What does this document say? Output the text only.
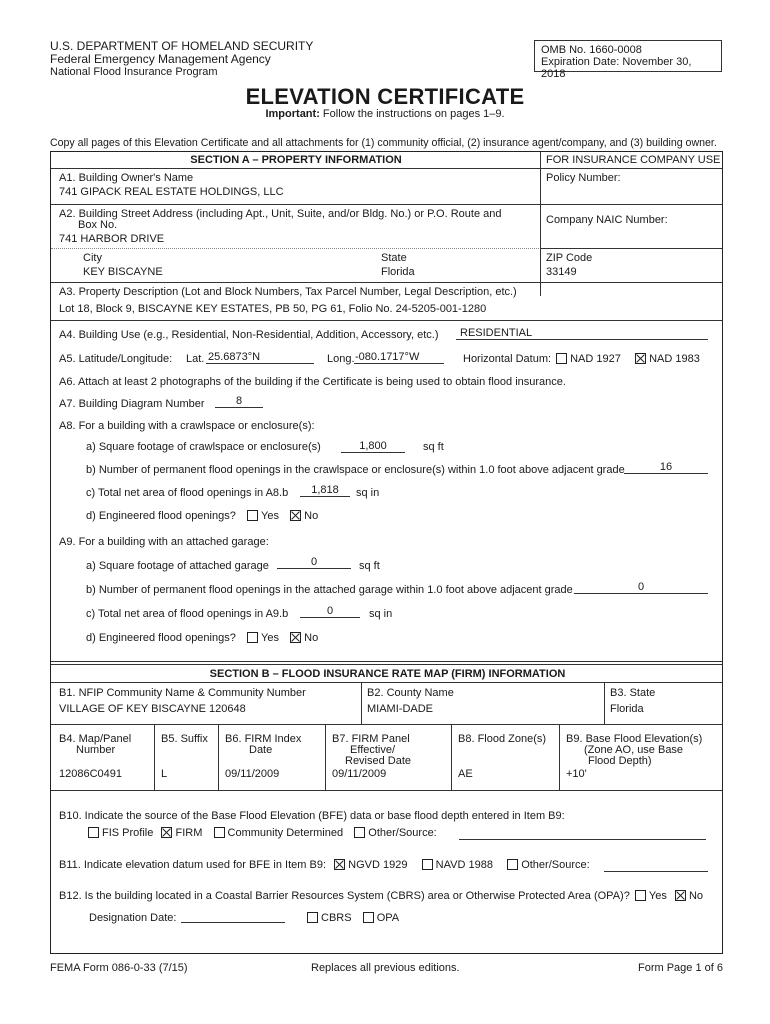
U.S. DEPARTMENT OF HOMELAND SECURITY
Federal Emergency Management Agency
National Flood Insurance Program
OMB No. 1660-0008
Expiration Date: November 30, 2018
ELEVATION CERTIFICATE
Important: Follow the instructions on pages 1–9.
Copy all pages of this Elevation Certificate and all attachments for (1) community official, (2) insurance agent/company, and (3) building owner.
SECTION A – PROPERTY INFORMATION	FOR INSURANCE COMPANY USE
A1. Building Owner's Name
741 GIPACK REAL ESTATE HOLDINGS, LLC
Policy Number:
A2. Building Street Address (including Apt., Unit, Suite, and/or Bldg. No.) or P.O. Route and
Box No.
741 HARBOR DRIVE
Company NAIC Number:
City
KEY BISCAYNE
State
Florida
ZIP Code
33149
A3. Property Description (Lot and Block Numbers, Tax Parcel Number, Legal Description, etc.)
Lot 18, Block 9, BISCAYNE KEY ESTATES, PB 50, PG 61, Folio No. 24-5205-001-1280
A4. Building Use (e.g., Residential, Non-Residential, Addition, Accessory, etc.)	RESIDENTIAL
A5. Latitude/Longitude: Lat. 25.6873°N	Long. -080.1717°W	Horizontal Datum: NAD 1927	NAD 1983
A6. Attach at least 2 photographs of the building if the Certificate is being used to obtain flood insurance.
A7. Building Diagram Number	8
A8. For a building with a crawlspace or enclosure(s):
a) Square footage of crawlspace or enclosure(s)	1,800	sq ft
b) Number of permanent flood openings in the crawlspace or enclosure(s) within 1.0 foot above adjacent grade	16
c) Total net area of flood openings in A8.b	1,818	sq in
d) Engineered flood openings? Yes No
A9. For a building with an attached garage:
a) Square footage of attached garage	0	sq ft
b) Number of permanent flood openings in the attached garage within 1.0 foot above adjacent grade	0
c) Total net area of flood openings in A9.b	0	sq in
d) Engineered flood openings? Yes No
SECTION B – FLOOD INSURANCE RATE MAP (FIRM) INFORMATION
B1. NFIP Community Name & Community Number
VILLAGE OF KEY BISCAYNE 120648
B2. County Name
MIAMI-DADE
B3. State
Florida
B4. Map/Panel
Number
12086C0491
B5. Suffix
L
B6. FIRM Index
Date
09/11/2009
B7. FIRM Panel
Effective/
Revised Date
09/11/2009
B8. Flood Zone(s)
AE
B9. Base Flood Elevation(s)
(Zone AO, use Base
Flood Depth)
+10'
B10. Indicate the source of the Base Flood Elevation (BFE) data or base flood depth entered in Item B9:
FIS Profile FIRM Community Determined Other/Source:
B11. Indicate elevation datum used for BFE in Item B9: NGVD 1929	NAVD 1988	Other/Source:
B12. Is the building located in a Coastal Barrier Resources System (CBRS) area or Otherwise Protected Area (OPA)? Yes No
Designation Date:	CBRS OPA
FEMA Form 086-0-33 (7/15)	Replaces all previous editions.	Form Page 1 of 6
